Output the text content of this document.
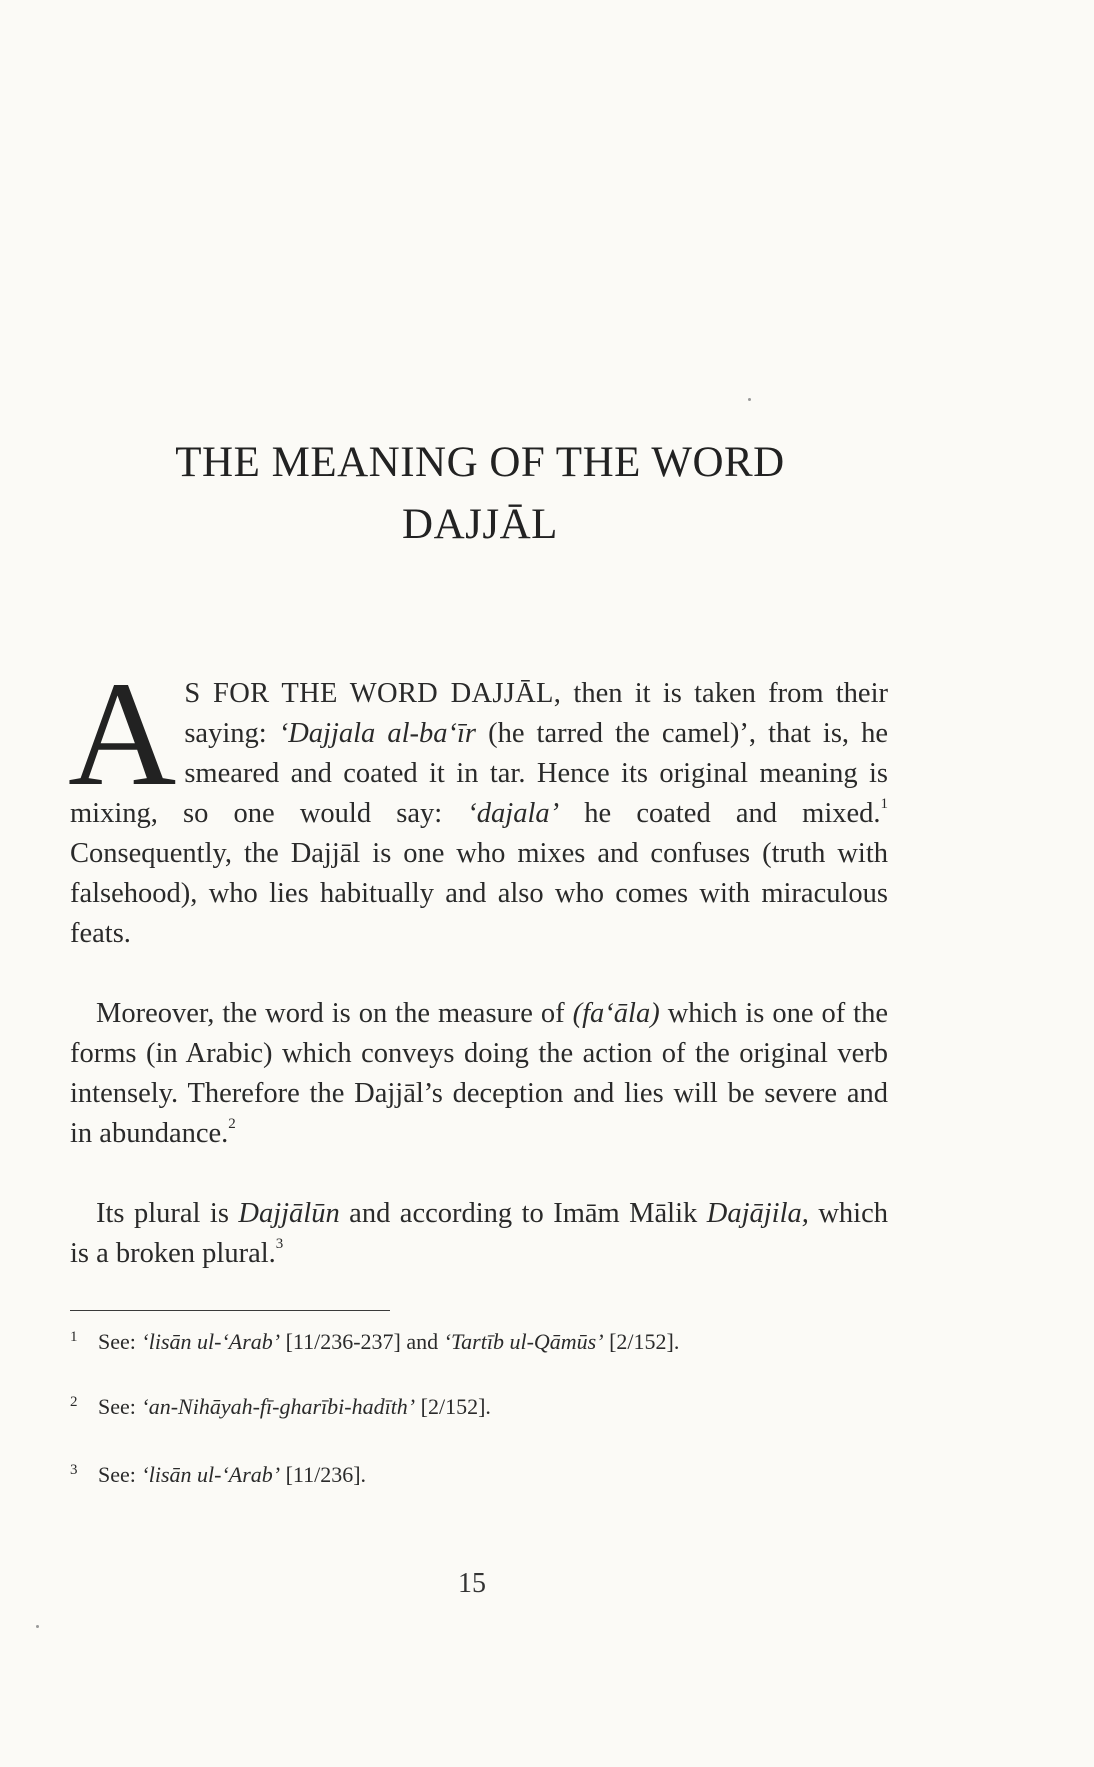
THE MEANING OF THE WORD
DAJJĀL

A S FOR THE WORD DAJJĀL, then it is taken from their saying: ‘Dajjala al-ba‘īr (he tarred the camel)’, that is, he smeared and coated it in tar. Hence its original meaning is mixing, so one would say: ‘dajala’ he coated and mixed.$^1$ Consequently, the Dajjāl is one who mixes and confuses (truth with falsehood), who lies habitually and also who comes with miraculous feats.

Moreover, the word is on the measure of (fa‘āla) which is one of the forms (in Arabic) which conveys doing the action of the original verb intensely. Therefore the Dajjāl’s deception and lies will be severe and in abundance.$^2$

Its plural is Dajjālūn and according to Imām Mālik Dajājila, which is a broken plural.$^3$

1 See: ‘lisān ul-‘Arab’ [11/236-237] and ‘Tartīb ul-Qāmūs’ [2/152].
2 See: ‘an-Nihāyah-fī-gharībi-hadīth’ [2/152].
3 See: ‘lisān ul-‘Arab’ [11/236].
15
